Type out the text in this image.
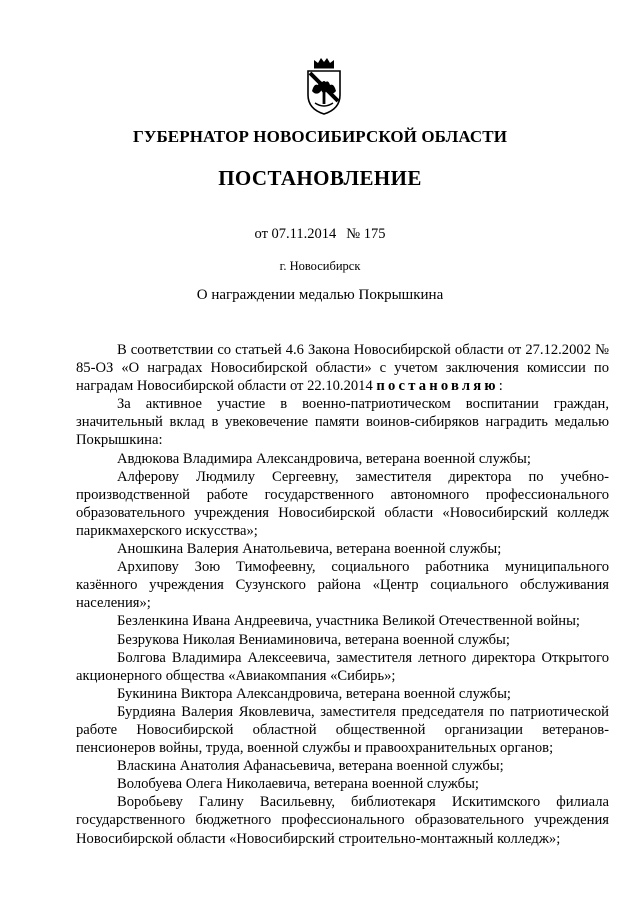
ГУБЕРНАТОР НОВОСИБИРСКОЙ ОБЛАСТИ
ПОСТАНОВЛЕНИЕ
от 07.11.2014 № 175
г. Новосибирск
О награждении медалью Покрышкина

В соответствии со статьей 4.6 Закона Новосибирской области от 27.12.2002 № 85-ОЗ «О наградах Новосибирской области» с учетом заключения комиссии по наградам Новосибирской области от 22.10.2014 постановляю:

За активное участие в военно-патриотическом воспитании граждан, значительный вклад в увековечение памяти воинов-сибиряков наградить медалью Покрышкина:

Авдюкова Владимира Александровича, ветерана военной службы;

Алферову Людмилу Сергеевну, заместителя директора по учебно-производственной работе государственного автономного профессионального образовательного учреждения Новосибирской области «Новосибирский колледж парикмахерского искусства»;

Аношкина Валерия Анатольевича, ветерана военной службы;

Архипову Зою Тимофеевну, социального работника муниципального казённого учреждения Сузунского района «Центр социального обслуживания населения»;

Безленкина Ивана Андреевича, участника Великой Отечественной войны;

Безрукова Николая Вениаминовича, ветерана военной службы;

Болгова Владимира Алексеевича, заместителя летного директора Открытого акционерного общества «Авиакомпания «Сибирь»;

Букинина Виктора Александровича, ветерана военной службы;

Бурдияна Валерия Яковлевича, заместителя председателя по патриотической работе Новосибирской областной общественной организации ветеранов-пенсионеров войны, труда, военной службы и правоохранительных органов;

Власкина Анатолия Афанасьевича, ветерана военной службы;

Волобуева Олега Николаевича, ветерана военной службы;

Воробьеву Галину Васильевну, библиотекаря Искитимского филиала государственного бюджетного профессионального образовательного учреждения Новосибирской области «Новосибирский строительно-монтажный колледж»;
